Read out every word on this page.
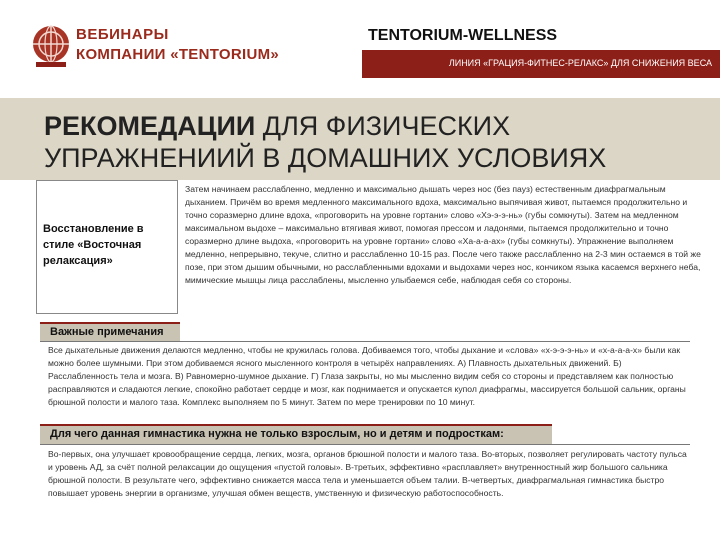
ВЕБИНАРЫ
КОМПАНИИ «TENTORIUM»
TENTORIUM-WELLNESS
ЛИНИЯ «ГРАЦИЯ-ФИТНЕС-РЕЛАКС» ДЛЯ СНИЖЕНИЯ ВЕСА
РЕКОМЕДАЦИИ ДЛЯ ФИЗИЧЕСКИХ
УПРАЖНЕНИИЙ В ДОМАШНИХ УСЛОВИЯХ
Восстановление в стиле «Восточная релаксация»
Затем начинаем расслабленно, медленно и максимально дышать через нос (без пауз) естественным диафрагмальным дыханием. Причём во время медленного максимального вдоха, максимально выпячивая живот, пытаемся продолжительно и точно соразмерно длине вдоха, «проговорить на уровне гортани» слово «Хэ-э-э-нь» (губы сомкнуты). Затем на медленном максимальном выдохе – максимально втягивая живот, помогая прессом и ладонями, пытаемся продолжительно и точно соразмерно длине выдоха, «проговорить на уровне гортани» слово «Ха-а-а-ах» (губы сомкнуты). Упражнение выполняем медленно, непрерывно, текуче, слитно и расслабленно 10-15 раз. После чего также расслабленно на 2-3 мин остаемся в той же позе, при этом дышим обычными, но расслабленными вдохами и выдохами через нос, кончиком языка касаемся верхнего неба, мимические мышцы лица расслаблены, мысленно улыбаемся себе, наблюдая себя со стороны.
Важные примечания
Все дыхательные движения делаются медленно, чтобы не кружилась голова. Добиваемся того, чтобы дыхание и «слова» «х-э-э-э-нь» и «х-а-а-а-х» были как можно более шумными. При этом добиваемся ясного мысленного контроля в четырёх направлениях. А) Плавность дыхательных движений. Б) Расслабленность тела и мозга. В) Равномерно-шумное дыхание. Г) Глаза закрыты, но мы мысленно видим себя со стороны и представляем как полностью расправляются и сладаются легкие, спокойно работает сердце и мозг, как поднимается и опускается купол диафрагмы, массируется большой сальник, органы брюшной полости и малого таза. Комплекс выполняем по 5 минут. Затем по мере тренировки по 10 минут.
Для чего данная гимнастика нужна не только взрослым, но и детям и подросткам:
Во-первых, она улучшает кровообращение сердца, легких, мозга, органов брюшной полости и малого таза. Во-вторых, позволяет регулировать частоту пульса и уровень АД, за счёт полной релаксации до ощущения «пустой головы». В-третьих, эффективно «расплавляет» внутренностный жир большого сальника брюшной полости. В результате чего, эффективно снижается масса тела и уменьшается объем талии. В-четвертых, диафрагмальная гимнастика быстро повышает уровень энергии в организме, улучшая обмен веществ, умственную и физическую работоспособность.
